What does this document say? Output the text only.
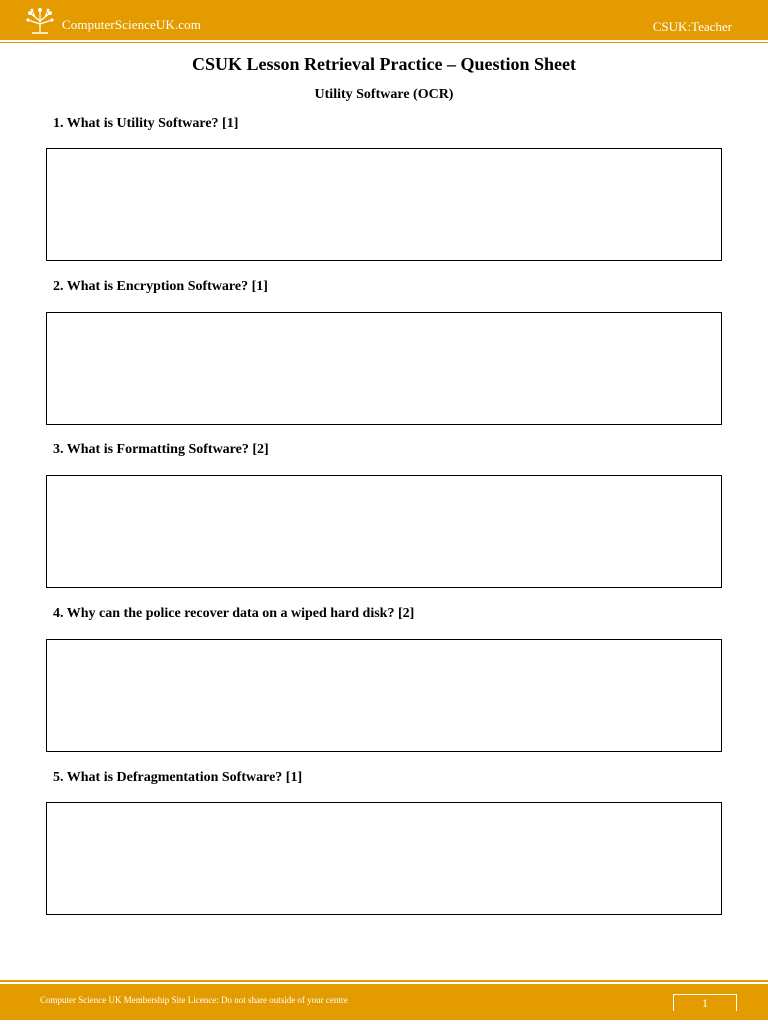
ComputerScienceUK.com	CSUK:Teacher
CSUK Lesson Retrieval Practice – Question Sheet
Utility Software (OCR)
1. What is Utility Software? [1]
2. What is Encryption Software? [1]
3. What is Formatting Software? [2]
4. Why can the police recover data on a wiped hard disk? [2]
5. What is Defragmentation Software? [1]
Computer Science UK Membership Site Licence: Do not share outside of your centre	1
